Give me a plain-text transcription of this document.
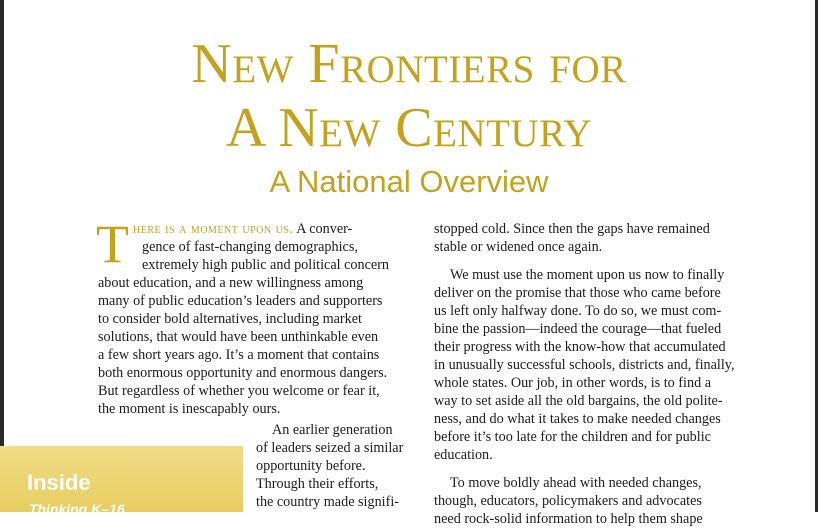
New Frontiers for
A New Century
A National Overview
T here is a moment upon us. A conver-

gence of fast-changing demographics,

extremely high public and political concern

about education, and a new willingness among

many of public education’s leaders and supporters

to consider bold alternatives, including market

solutions, that would have been unthinkable even

a few short years ago. It’s a moment that contains

both enormous opportunity and enormous dangers.

But regardless of whether you welcome or fear it,

the moment is inescapably ours.

An earlier generation

of leaders seized a similar

opportunity before.

Through their efforts,

the country made signifi-

stopped cold. Since then the gaps have remained

stable or widened once again.

We must use the moment upon us now to finally

deliver on the promise that those who came before

us left only halfway done. To do so, we must com-

bine the passion—indeed the courage—that fueled

their progress with the know-how that accumulated

in unusually successful schools, districts and, finally,

whole states. Our job, in other words, is to find a

way to set aside all the old bargains, the old polite-

ness, and do what it takes to make needed changes

before it’s too late for the children and for public

education.

To move boldly ahead with needed changes,

though, educators, policymakers and advocates

need rock-solid information to help them shape

Inside

Thinking K–16
